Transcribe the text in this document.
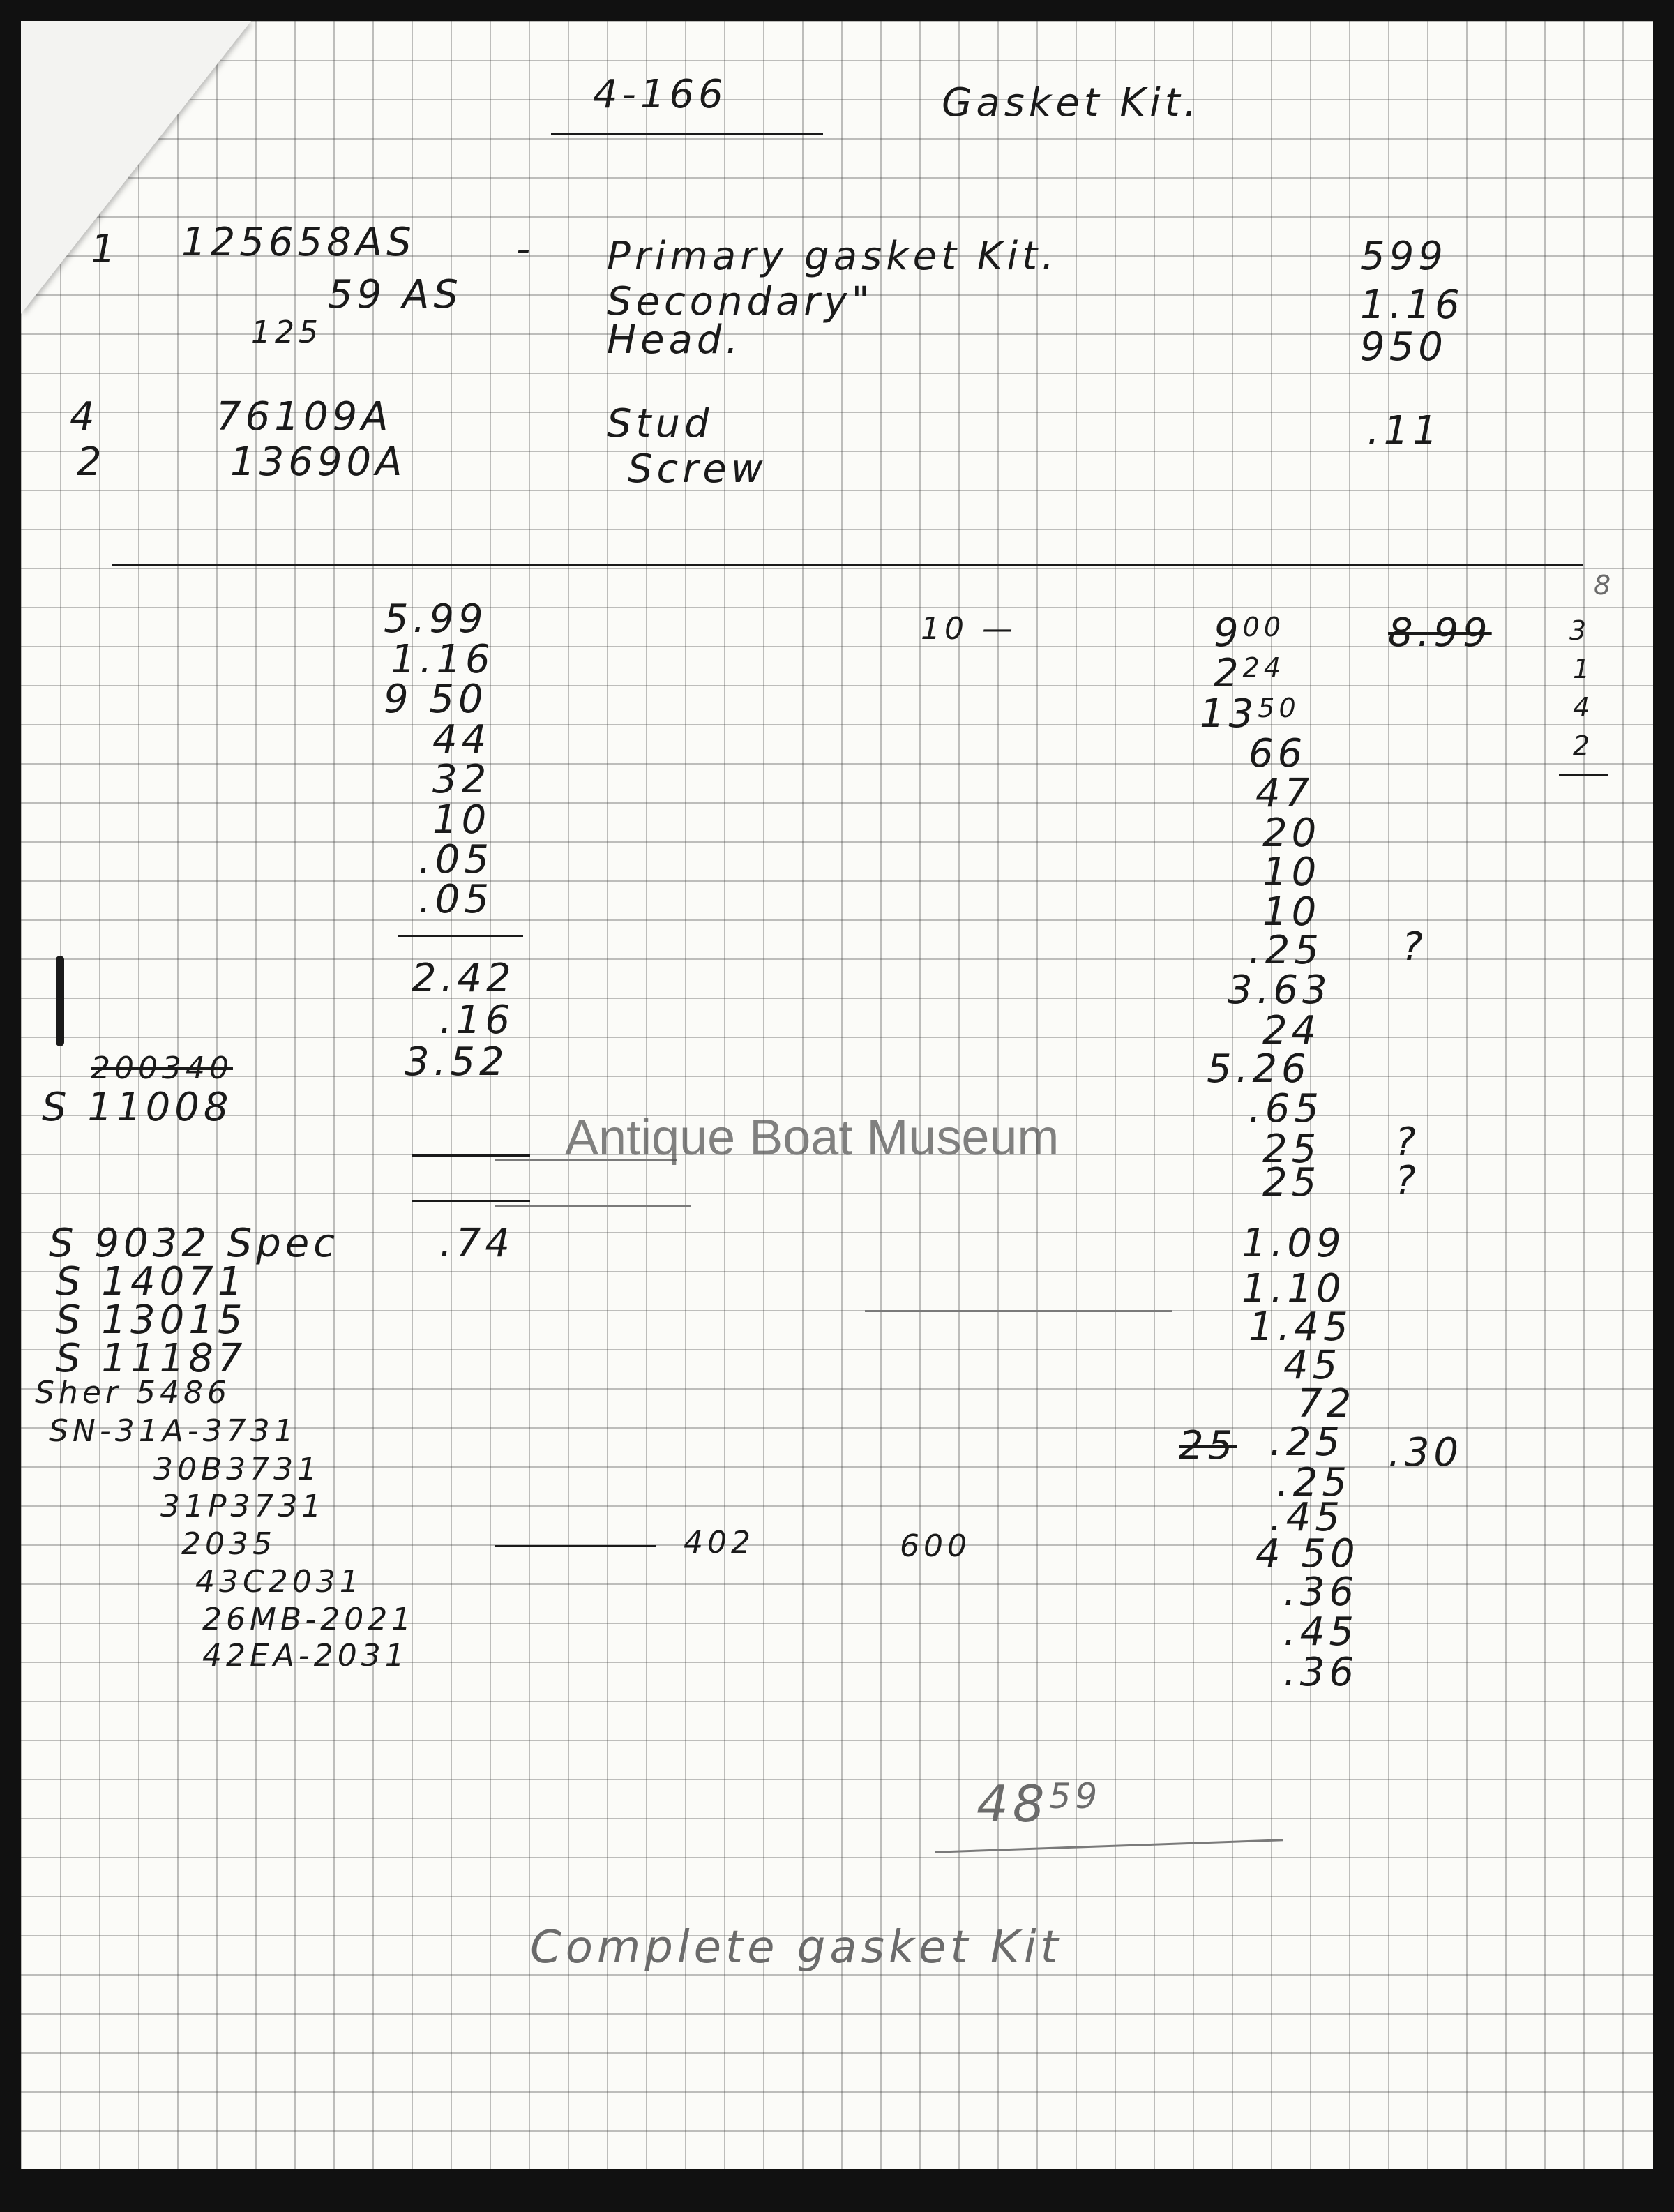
4-166	Gasket Kit.
1 125658AS	- Primary gasket Kit.	599
59 AS	Secondary"	1.16
125	Head.	950
4	76109A	Stud	.11
2	13690A	Screw
5.99
1.16
9 50
44
32
10
.05
.05
2.42
.16
3.52
.74
200340
S 11008
S 9032 Spec
S 14071
S 13015
S 11187
Sher 5486
SN-31A-3731
30B3731
31P3731
2035
43C2031
26MB-2021
42EA-2031
10 —
402	600
$9^{00}$
$2^{24}$
$13^{50}$
66
47
20
10
10
.25
3.63
24
5.26
.65
25
25
1.09
1.10
1.45
45
72
.25
.25
.45
4 50
.36
.45
.36
8.99
?
?
?
25	.30
8
3
1
4
2
$48^{59}$
Complete gasket Kit
Antique Boat Museum
